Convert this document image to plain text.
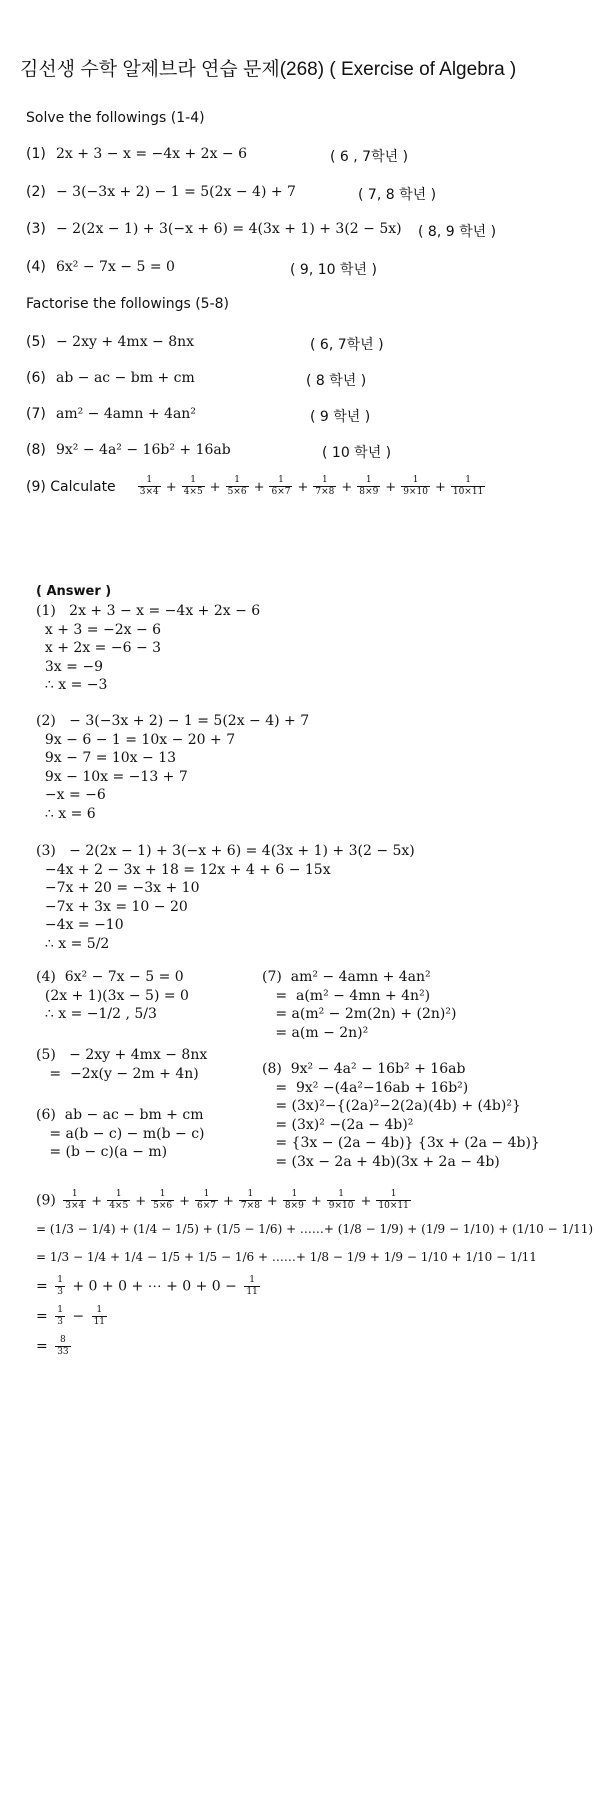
김선생 수학 알제브라 연습 문제(268) ( Exercise of Algebra )
Solve the followings (1-4)
(1) 2x + 3 − x = −4x + 2x − 6	( 6 , 7학년 )
(2) − 3(−3x + 2) − 1 = 5(2x − 4) + 7	( 7, 8 학년 )
(3) − 2(2x − 1) + 3(−x + 6) = 4(3x + 1) + 3(2 − 5x) ( 8, 9 학년 )
(4) 6x² − 7x − 5 = 0	( 9, 10 학년 )
Factorise the followings (5-8)
(5) − 2xy + 4mx − 8nx	( 6, 7학년 )
(6) ab − ac − bm + cm	( 8 학년 )
(7) am² − 4amn + 4an²	( 9 학년 )
(8) 9x² − 4a² − 16b² + 16ab	( 10 학년 )
(9) Calculate $\frac{1}{3\times 4} + \frac{1}{4\times 5} + \frac{1}{5\times 6} + \frac{1}{6\times 7} + \frac{1}{7\times 8} + \frac{1}{8\times 9} + \frac{1}{9\times 10} + \frac{1}{10\times 11}$
( Answer )
(1)   2x + 3 − x = −4x + 2x − 6
x + 3 = −2x − 6
x + 2x = −6 − 3
3x = −9
∴ x = −3
(2)   − 3(−3x + 2) − 1 = 5(2x − 4) + 7
9x − 6 − 1 = 10x − 20 + 7
9x − 7 = 10x − 13
9x − 10x = −13 + 7
−x = −6
∴ x = 6
(3)   − 2(2x − 1) + 3(−x + 6) = 4(3x + 1) + 3(2 − 5x)
−4x + 2 − 3x + 18 = 12x + 4 + 6 − 15x
−7x + 20 = −3x + 10
−7x + 3x = 10 − 20
−4x = −10
∴ x = 5/2
(4)  6x² − 7x − 5 = 0
(2x + 1)(3x − 5) = 0
∴ x = −1/2 , 5/3
(5)   − 2xy + 4mx − 8nx
=  −2x(y − 2m + 4n)
(6)  ab − ac − bm + cm
= a(b − c) − m(b − c)
= (b − c)(a − m)
(7)  am² − 4amn + 4an²
=  a(m² − 4mn + 4n²)
= a(m² − 2m(2n) + (2n)²)
= a(m − 2n)²
(8)  9x² − 4a² − 16b² + 16ab
=  9x² −(4a²−16ab + 16b²)
= (3x)²−{(2a)²−2(2a)(4b) + (4b)²}
= (3x)² −(2a − 4b)²
= {3x − (2a − 4b)} {3x + (2a − 4b)}
= (3x − 2a + 4b)(3x + 2a − 4b)
$(9) \frac{1}{3\times 4} + \frac{1}{4\times 5} + \frac{1}{5\times 6} + \frac{1}{6\times 7} + \frac{1}{7\times 8} + \frac{1}{8\times 9} + \frac{1}{9\times 10} + \frac{1}{10\times 11}$
= (1/3 − 1/4) + (1/4 − 1/5) + (1/5 − 1/6) + ……+ (1/8 − 1/9) + (1/9 − 1/10) + (1/10 − 1/11)
= 1/3 − 1/4 + 1/4 − 1/5 + 1/5 − 1/6 + ……+ 1/8 − 1/9 + 1/9 − 1/10 + 1/10 − 1/11
= $\frac{1}{3} + 0 + 0$ + ⋯ + $0 + 0 - \frac{1}{11}$
= $\frac{1}{3} - \frac{1}{11}$
= $\frac{8}{33}$
